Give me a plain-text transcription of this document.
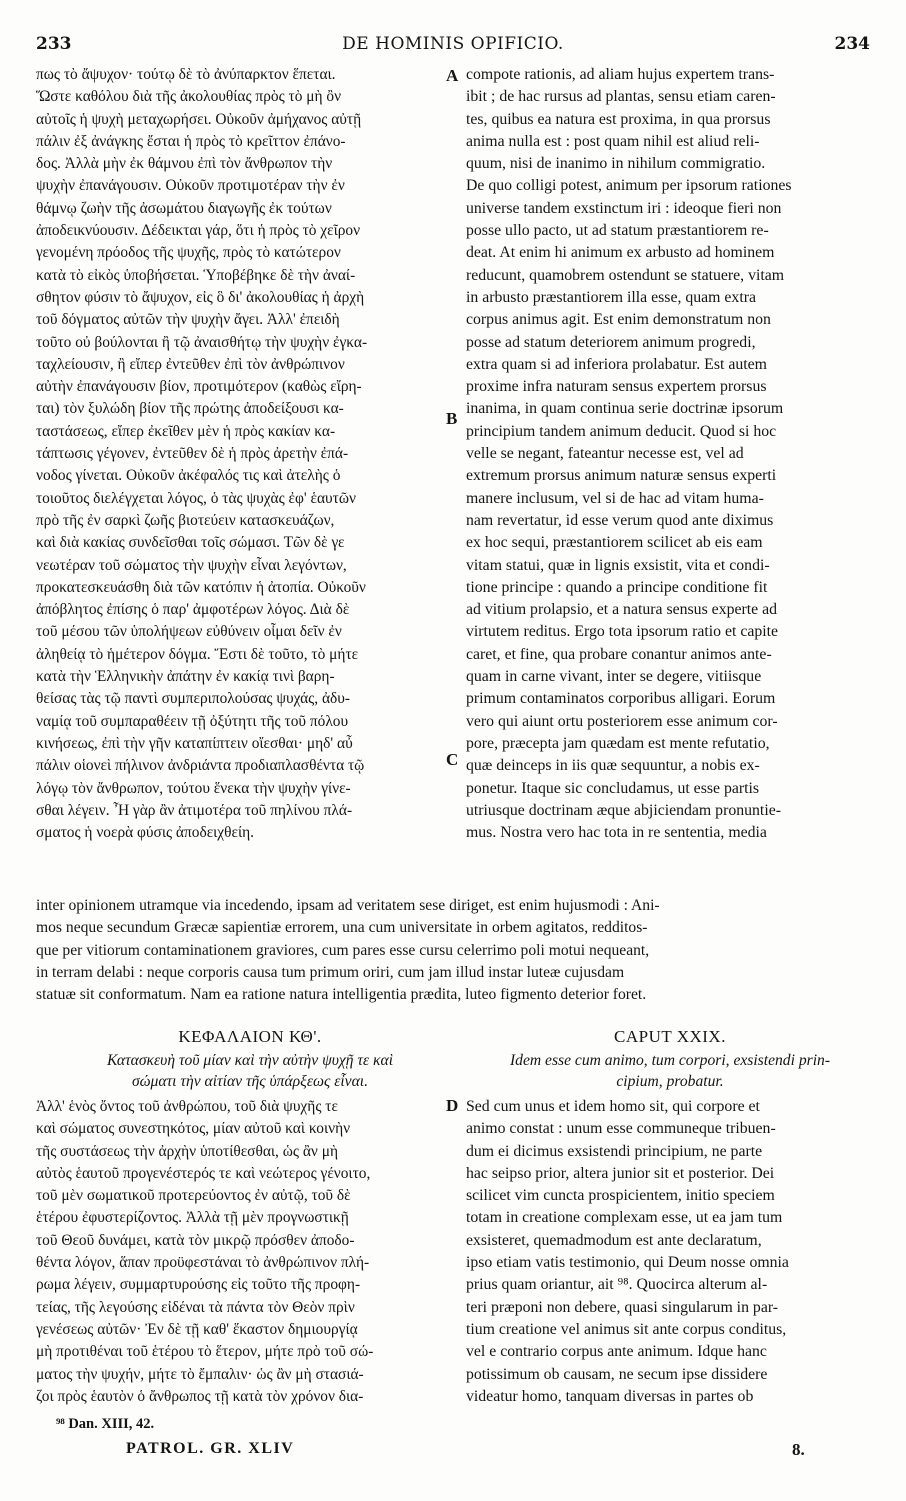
233	DE HOMINIS OPIFICIO.	234
A
B
C
D
πως τὸ ἄψυχον· τούτῳ δὲ τὸ ἀνύπαρκτον ἕπεται.
Ὥστε καθόλου διὰ τῆς ἀκολουθίας πρὸς τὸ μὴ ὂν
αὐτοῖς ἡ ψυχὴ μεταχωρήσει. Οὐκοῦν ἀμήχανος αὐτῇ
πάλιν ἐξ ἀνάγκης ἔσται ἡ πρὸς τὸ κρεῖττον ἐπάνο-
δος. Ἀλλὰ μὴν ἐκ θάμνου ἐπὶ τὸν ἄνθρωπον τὴν
ψυχὴν ἐπανάγουσιν. Οὐκοῦν προτιμοτέραν τὴν ἐν
θάμνῳ ζωὴν τῆς ἀσωμάτου διαγωγῆς ἐκ τούτων
ἀποδεικνύουσιν. Δέδεικται γάρ, ὅτι ἡ πρὸς τὸ χεῖρον
γενομένη πρόοδος τῆς ψυχῆς, πρὸς τὸ κατώτερον
κατὰ τὸ εἰκὸς ὑποβήσεται. Ὑποβέβηκε δὲ τὴν ἀναί-
σθητον φύσιν τὸ ἄψυχον, εἰς ὃ δι' ἀκολουθίας ἡ ἀρχὴ
τοῦ δόγματος αὐτῶν τὴν ψυχὴν ἄγει. Ἀλλ' ἐπειδὴ
τοῦτο οὐ βούλονται ἢ τῷ ἀναισθήτῳ τὴν ψυχὴν ἐγκα-
ταχλείουσιν, ἢ εἴπερ ἐντεῦθεν ἐπὶ τὸν ἀνθρώπινον
αὐτὴν ἐπανάγουσιν βίον, προτιμότερον (καθὼς εἴρη-
ται) τὸν ξυλώδη βίον τῆς πρώτης ἀποδείξουσι κα-
ταστάσεως, εἴπερ ἐκεῖθεν μὲν ἡ πρὸς κακίαν κα-
τάπτωσις γέγονεν, ἐντεῦθεν δὲ ἡ πρὸς ἀρετὴν ἐπά-
νοδος γίνεται. Οὐκοῦν ἀκέφαλός τις καὶ ἀτελὴς ὁ
τοιοῦτος διελέγχεται λόγος, ὁ τὰς ψυχὰς ἐφ' ἑαυτῶν
πρὸ τῆς ἐν σαρκὶ ζωῆς βιοτεύειν κατασκευάζων,
καὶ διὰ κακίας συνδεῖσθαι τοῖς σώμασι. Τῶν δὲ γε
νεωτέραν τοῦ σώματος τὴν ψυχὴν εἶναι λεγόντων,
προκατεσκευάσθη διὰ τῶν κατόπιν ἡ ἀτοπία. Οὐκοῦν
ἀπόβλητος ἐπίσης ὁ παρ' ἀμφοτέρων λόγος. Διὰ δὲ
τοῦ μέσου τῶν ὑπολήψεων εὐθύνειν οἶμαι δεῖν ἐν
ἀληθείᾳ τὸ ἡμέτερον δόγμα. Ἔστι δὲ τοῦτο, τὸ μήτε
κατὰ τὴν Ἑλληνικὴν ἀπάτην ἐν κακίᾳ τινὶ βαρη-
θείσας τὰς τῷ παντὶ συμπεριπολούσας ψυχάς, ἀδυ-
ναμίᾳ τοῦ συμπαραθέειν τῇ ὀξύτητι τῆς τοῦ πόλου
κινήσεως, ἐπὶ τὴν γῆν καταπίπτειν οἴεσθαι· μηδ' αὖ
πάλιν οἱονεὶ πήλινον ἀνδριάντα προδιαπλασθέντα τῷ
λόγῳ τὸν ἄνθρωπον, τούτου ἕνεκα τὴν ψυχὴν γίνε-
σθαι λέγειν. Ἦ γὰρ ἂν ἀτιμοτέρα τοῦ πηλίνου πλά-
σματος ἡ νοερὰ φύσις ἀποδειχθείη.
compote rationis, ad aliam hujus expertem trans-
ibit ; de hac rursus ad plantas, sensu etiam caren-
tes, quibus ea natura est proxima, in qua prorsus
anima nulla est : post quam nihil est aliud reli-
quum, nisi de inanimo in nihilum commigratio.
De quo colligi potest, animum per ipsorum rationes
universe tandem exstinctum iri : ideoque fieri non
posse ullo pacto, ut ad statum præstantiorem re-
deat. At enim hi animum ex arbusto ad hominem
reducunt, quamobrem ostendunt se statuere, vitam
in arbusto præstantiorem illa esse, quam extra
corpus animus agit. Est enim demonstratum non
posse ad statum deteriorem animum progredi,
extra quam si ad inferiora prolabatur. Est autem
proxime infra naturam sensus expertem prorsus
inanima, in quam continua serie doctrinæ ipsorum
principium tandem animum deducit. Quod si hoc
velle se negant, fateantur necesse est, vel ad
extremum prorsus animum naturæ sensus experti
manere inclusum, vel si de hac ad vitam huma-
nam revertatur, id esse verum quod ante diximus
ex hoc sequi, præstantiorem scilicet ab eis eam
vitam statui, quæ in lignis exsistit, vita et condi-
tione principe : quando a principe conditione fit
ad vitium prolapsio, et a natura sensus experte ad
virtutem reditus. Ergo tota ipsorum ratio et capite
caret, et fine, qua probare conantur animos ante-
quam in carne vivant, inter se degere, vitiisque
primum contaminatos corporibus alligari. Eorum
vero qui aiunt ortu posteriorem esse animum cor-
pore, præcepta jam quædam est mente refutatio,
quæ deinceps in iis quæ sequuntur, a nobis ex-
ponetur. Itaque sic concludamus, ut esse partis
utriusque doctrinam æque abjiciendam pronuntie-
mus. Nostra vero hac tota in re sententia, media
inter opinionem utramque via incedendo, ipsam ad veritatem sese diriget, est enim hujusmodi : Ani-
mos neque secundum Græcæ sapientiæ errorem, una cum universitate in orbem agitatos, redditos-
que per vitiorum contaminationem graviores, cum pares esse cursu celerrimo poli motui nequeant,
in terram delabi : neque corporis causa tum primum oriri, cum jam illud instar luteæ cujusdam
statuæ sit conformatum. Nam ea ratione natura intelligentia prædita, luteo figmento deterior foret.
ΚΕΦΑΛΑΙΟΝ ΚΘ'.	CAPUT XXIX.
Κατασκευὴ τοῦ μίαν καὶ τὴν αὐτὴν ψυχῇ τε καὶ
σώματι τὴν αἰτίαν τῆς ὑπάρξεως εἶναι.
Idem esse cum animo, tum corpori, exsistendi prin-
cipium, probatur.
Ἀλλ' ἑνὸς ὄντος τοῦ ἀνθρώπου, τοῦ διὰ ψυχῆς τε
καὶ σώματος συνεστηκότος, μίαν αὐτοῦ καὶ κοινὴν
τῆς συστάσεως τὴν ἀρχὴν ὑποτίθεσθαι, ὡς ἂν μὴ
αὐτὸς ἑαυτοῦ προγενέστερός τε καὶ νεώτερος γένοιτο,
τοῦ μὲν σωματικοῦ προτερεύοντος ἐν αὐτῷ, τοῦ δὲ
ἑτέρου ἐφυστερίζοντος. Ἀλλὰ τῇ μὲν προγνωστικῇ
τοῦ Θεοῦ δυνάμει, κατὰ τὸν μικρῷ πρόσθεν ἀποδο-
θέντα λόγον, ἅπαν προϋφεστάναι τὸ ἀνθρώπινον πλή-
ρωμα λέγειν, συμμαρτυρούσης εἰς τοῦτο τῆς προφη-
τείας, τῆς λεγούσης εἰδέναι τὰ πάντα τὸν Θεὸν πρὶν
γενέσεως αὐτῶν· Ἐν δὲ τῇ καθ' ἕκαστον δημιουργίᾳ
μὴ προτιθέναι τοῦ ἑτέρου τὸ ἕτερον, μήτε πρὸ τοῦ σώ-
ματος τὴν ψυχήν, μήτε τὸ ἔμπαλιν· ὡς ἂν μὴ στασιά-
ζοι πρὸς ἑαυτὸν ὁ ἄνθρωπος τῇ κατὰ τὸν χρόνον δια-
Sed cum unus et idem homo sit, qui corpore et
animo constat : unum esse communeque tribuen-
dum ei dicimus exsistendi principium, ne parte
hac seipso prior, altera junior sit et posterior. Dei
scilicet vim cuncta prospicientem, initio speciem
totam in creatione complexam esse, ut ea jam tum
exsisteret, quemadmodum est ante declaratum,
ipso etiam vatis testimonio, qui Deum nosse omnia
prius quam oriantur, ait ⁹⁸. Quocirca alterum al-
teri præponi non debere, quasi singularum in par-
tium creatione vel animus sit ante corpus conditus,
vel e contrario corpus ante animum. Idque hanc
potissimum ob causam, ne secum ipse dissidere
videatur homo, tanquam diversas in partes ob
⁹⁸ Dan. XIII, 42.
PATROL. GR. XLIV	8.
